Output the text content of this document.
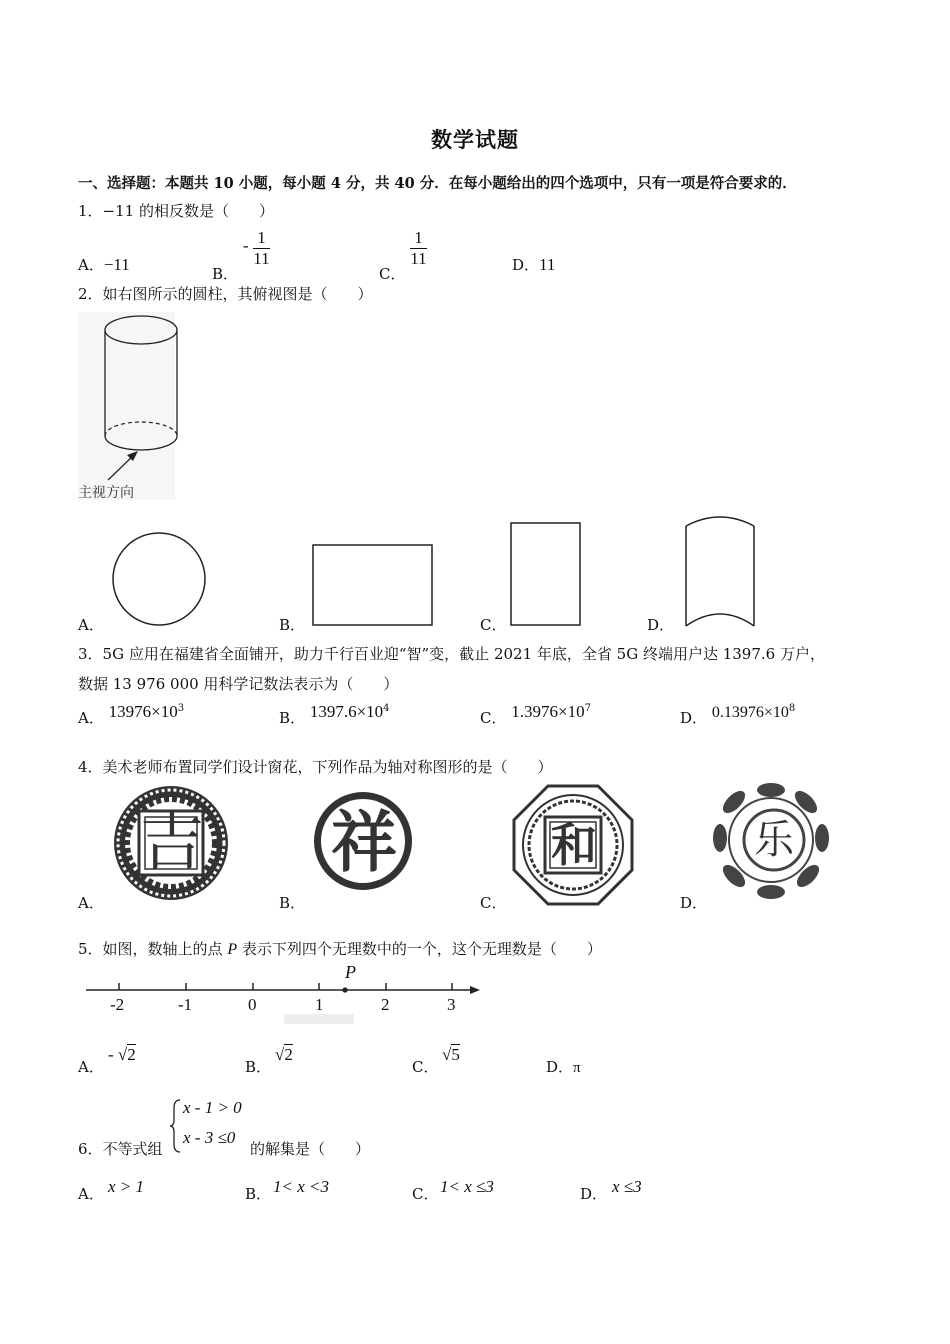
数学试题
一、选择题：本题共 10 小题，每小题 4 分，共 40 分．在每小题给出的四个选项中，只有一项是符合要求的．
1．−11 的相反数是（　　）
A．−11	B． - $\frac{1}{11}$
C．
$\frac{1}{11}$	D．11
2．如右图所示的圆柱，其俯视图是（　　）
主视方向
A．	B．	C．	D．
3．5G 应用在福建省全面铺开，助力千行百业迎“智”变，截止 2021 年底，全省 5G 终端用户达 1397.6 万户，
数据 13 976 000 用科学记数法表示为（　　）
A． $13976\times 10^3$
B． $1397.6\times 10^4$
C． $1.3976\times 10^7$
D． $0.13976\times 10^8$
4．美术老师布置同学们设计窗花，下列作品为轴对称图形的是（　　）
吉 祥	和	乐
A．	B．	C．	D．
5．如图，数轴上的点 P 表示下列四个无理数中的一个，这个无理数是（　　）
P
-2	-1	0	1	2	3
A．
- √2
B．
√2
C．
√5
D．π
6．不等式组
x - 1 > 0
x - 3 ≤0
的解集是（　　）
A． x > 1	B． 1< x <3	C． 1< x ≤3	D． x ≤3
